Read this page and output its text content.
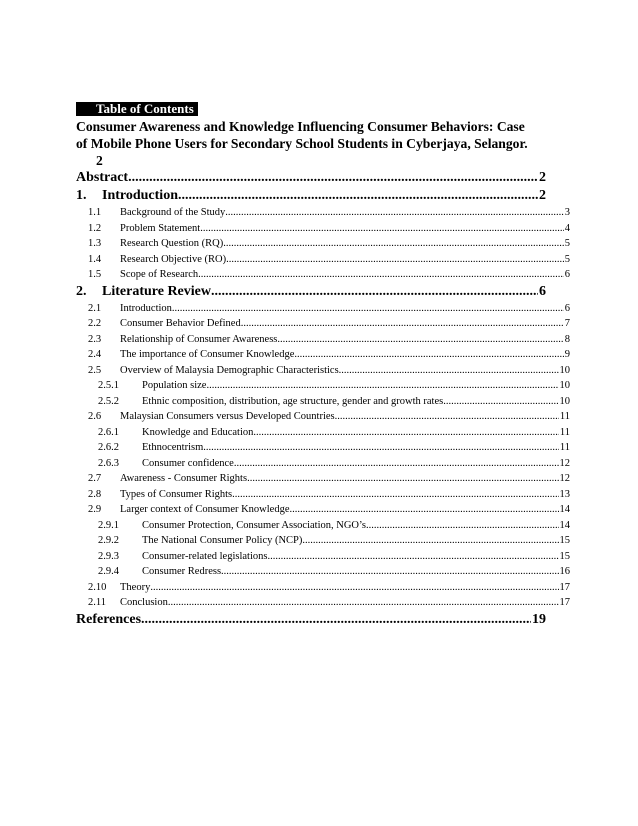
Table of Contents
Consumer Awareness and Knowledge Influencing Consumer Behaviors: Case
of Mobile Phone Users for Secondary School Students in Cyberjaya, Selangor.
2
Abstract .....	2
1.	Introduction .....	2
1.1	Background of the Study .....	3
1.2	Problem Statement .....	4
1.3	Research Question (RQ) .....	5
1.4	Research Objective (RO) .....	5
1.5	Scope of Research .....	6
2.	Literature Review .....	6
2.1	Introduction .....	6
2.2	Consumer Behavior Defined .....	7
2.3	Relationship of Consumer Awareness .....	8
2.4	The importance of Consumer Knowledge .....	9
2.5	Overview of Malaysia Demographic Characteristics .....	10
2.5.1	Population size .....	10
2.5.2	Ethnic composition, distribution, age structure, gender and growth rates .....	10
2.6	Malaysian Consumers versus Developed Countries .....	11
2.6.1	Knowledge and Education .....	11
2.6.2	Ethnocentrism .....	11
2.6.3	Consumer confidence .....	12
2.7	Awareness - Consumer Rights .....	12
2.8	Types of Consumer Rights .....	13
2.9	Larger context of Consumer Knowledge .....	14
2.9.1	Consumer Protection, Consumer Association, NGO’s .....	14
2.9.2	The National Consumer Policy (NCP) .....	15
2.9.3	Consumer-related legislations .....	15
2.9.4	Consumer Redress .....	16
2.10	Theory .....	17
2.11	Conclusion .....	17
References .....	19
